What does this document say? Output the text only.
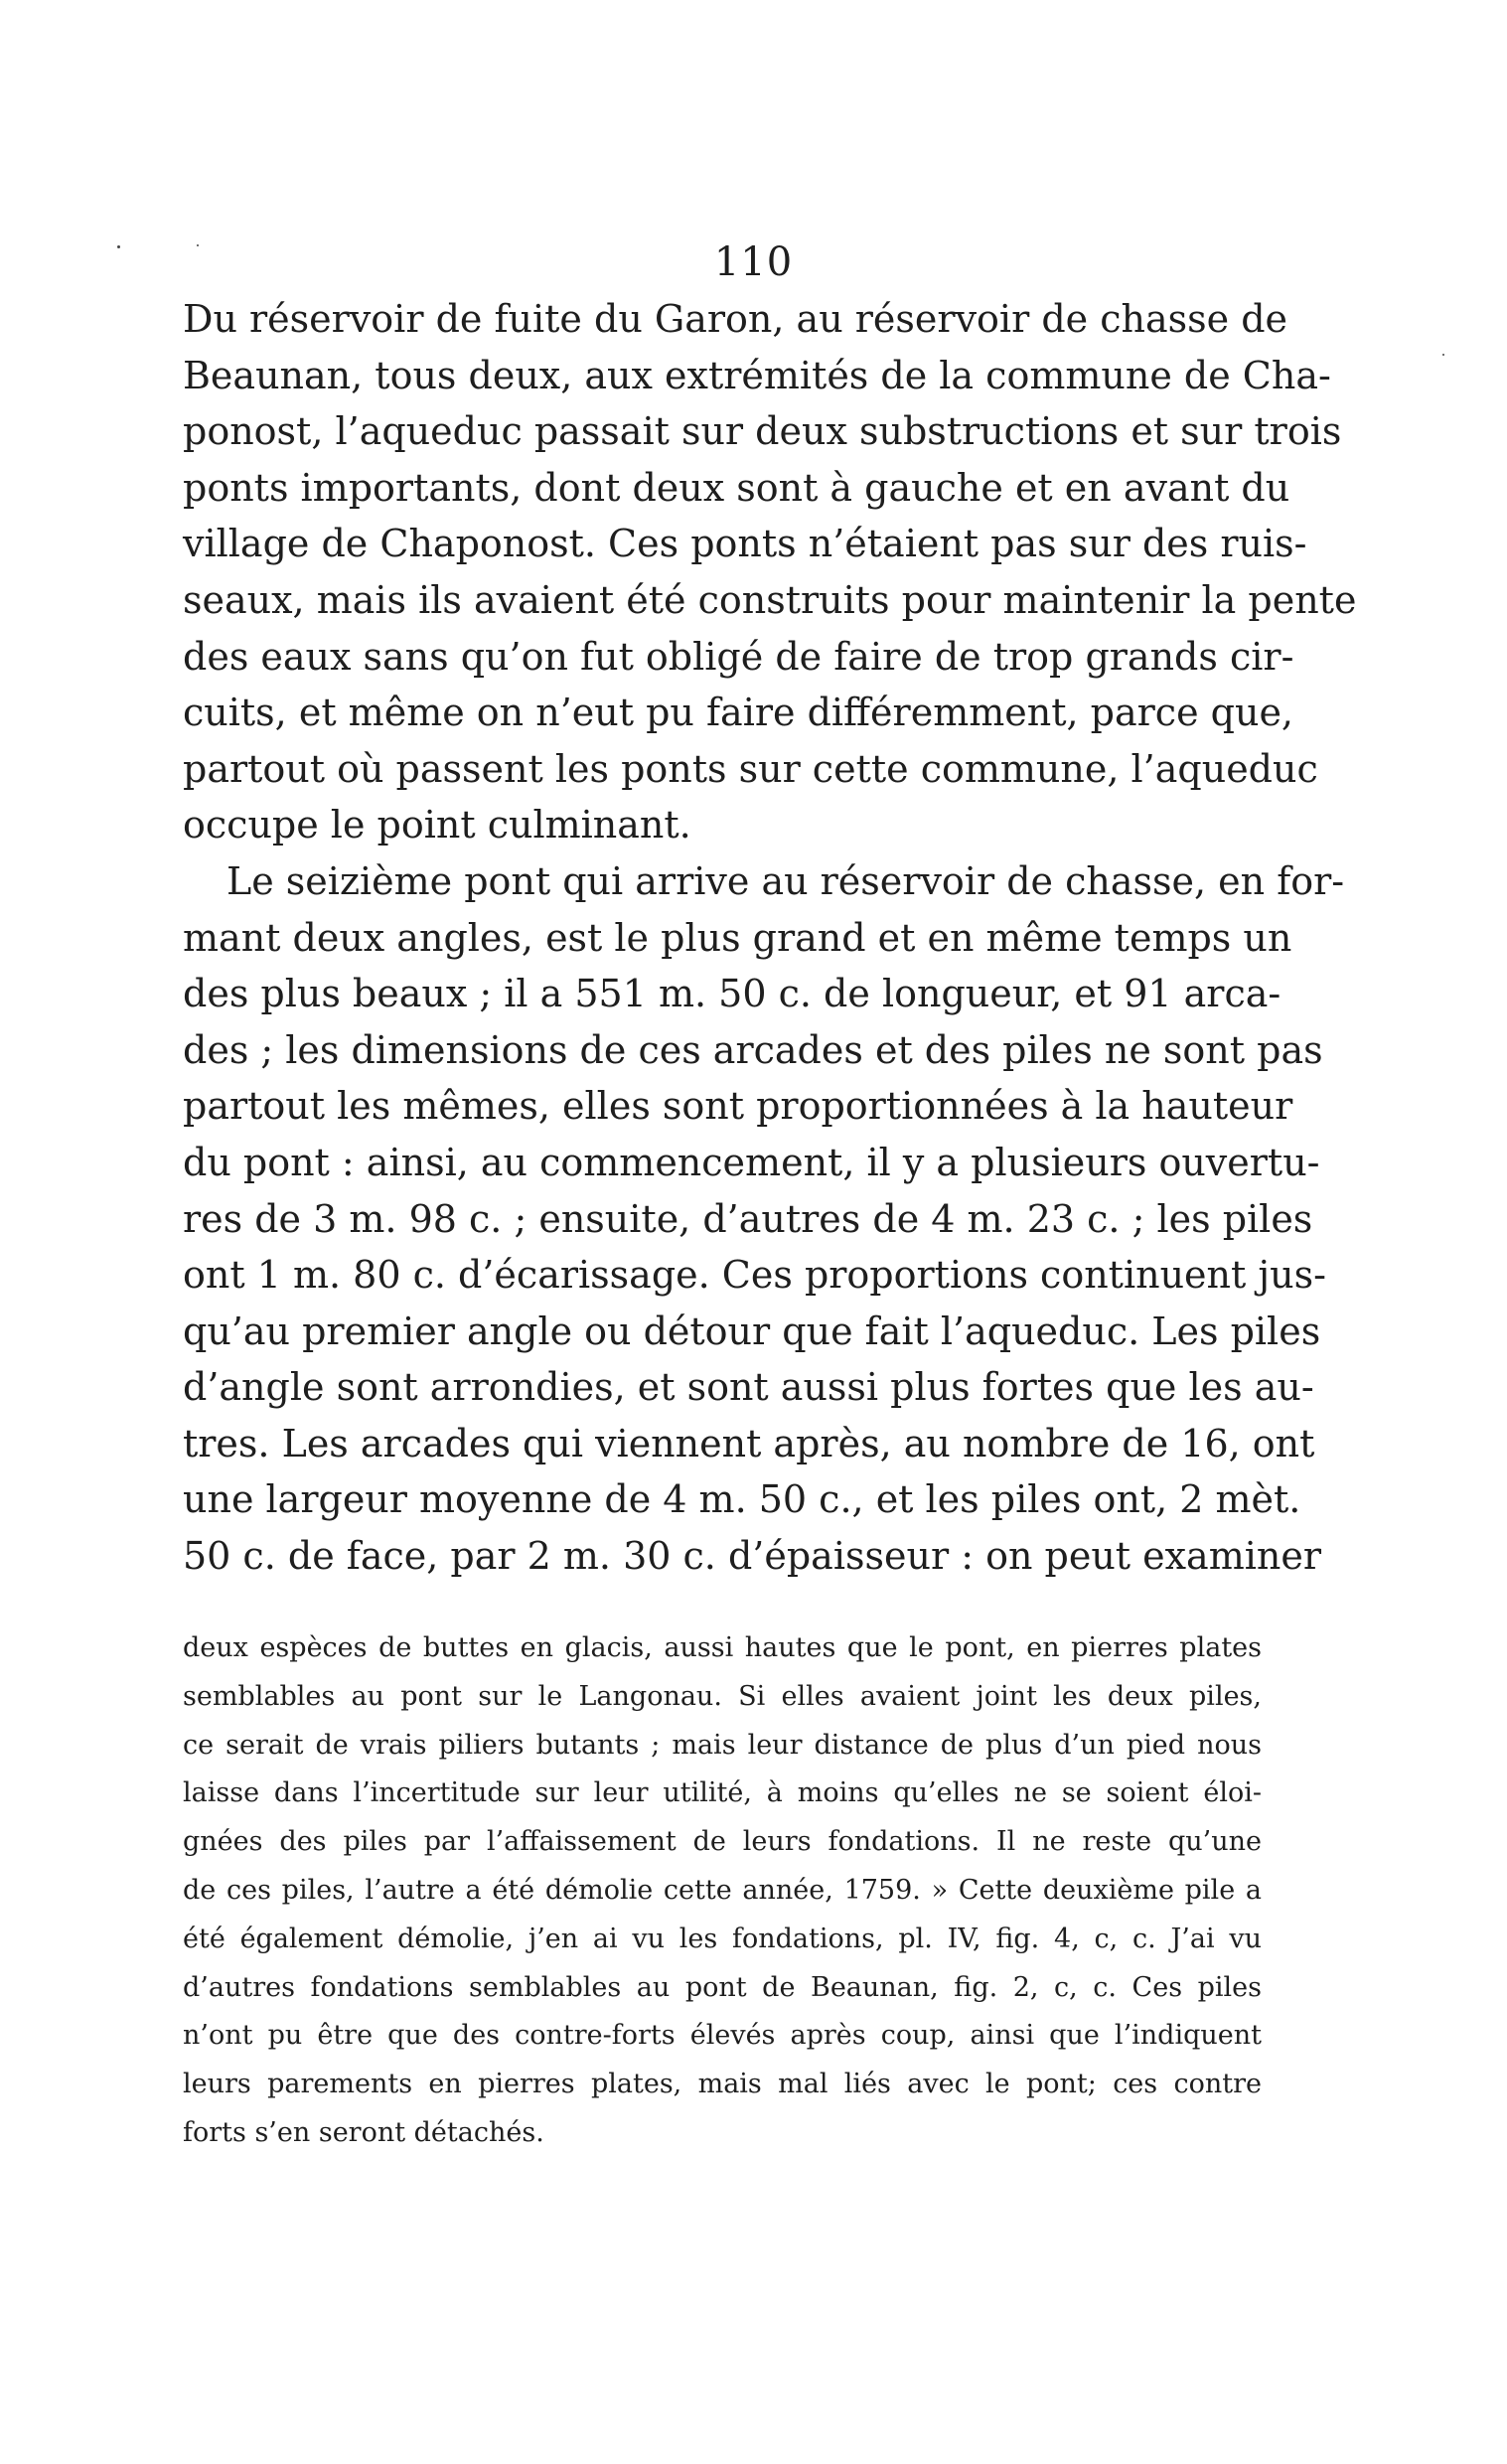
110
Du réservoir de fuite du Garon, au réservoir de chasse de
Beaunan, tous deux, aux extrémités de la commune de Cha-
ponost, l’aqueduc passait sur deux substructions et sur trois
ponts importants, dont deux sont à gauche et en avant du
village de Chaponost. Ces ponts n’étaient pas sur des ruis-
seaux, mais ils avaient été construits pour maintenir la pente
des eaux sans qu’on fut obligé de faire de trop grands cir-
cuits, et même on n’eut pu faire différemment, parce que,
partout où passent les ponts sur cette commune, l’aqueduc
occupe le point culminant.
Le seizième pont qui arrive au réservoir de chasse, en for-
mant deux angles, est le plus grand et en même temps un
des plus beaux ; il a 551 m. 50 c. de longueur, et 91 arca-
des ; les dimensions de ces arcades et des piles ne sont pas
partout les mêmes, elles sont proportionnées à la hauteur
du pont : ainsi, au commencement, il y a plusieurs ouvertu-
res de 3 m. 98 c. ; ensuite, d’autres de 4 m. 23 c. ; les piles
ont 1 m. 80 c. d’écarissage. Ces proportions continuent jus-
qu’au premier angle ou détour que fait l’aqueduc. Les piles
d’angle sont arrondies, et sont aussi plus fortes que les au-
tres. Les arcades qui viennent après, au nombre de 16, ont
une largeur moyenne de 4 m. 50 c., et les piles ont, 2 mèt.
50 c. de face, par 2 m. 30 c. d’épaisseur : on peut examiner
deux espèces de buttes en glacis, aussi hautes que le pont, en pierres plates
semblables au pont sur le Langonau. Si elles avaient joint les deux piles,
ce serait de vrais piliers butants ; mais leur distance de plus d’un pied nous
laisse dans l’incertitude sur leur utilité, à moins qu’elles ne se soient éloi-
gnées des piles par l’affaissement de leurs fondations. Il ne reste qu’une
de ces piles, l’autre a été démolie cette année, 1759. » Cette deuxième pile a
été également démolie, j’en ai vu les fondations, pl. IV, fig. 4, c, c. J’ai vu
d’autres fondations semblables au pont de Beaunan, fig. 2, c, c. Ces piles
n’ont pu être que des contre-forts élevés après coup, ainsi que l’indiquent
leurs parements en pierres plates, mais mal liés avec le pont; ces contre
forts s’en seront détachés.
